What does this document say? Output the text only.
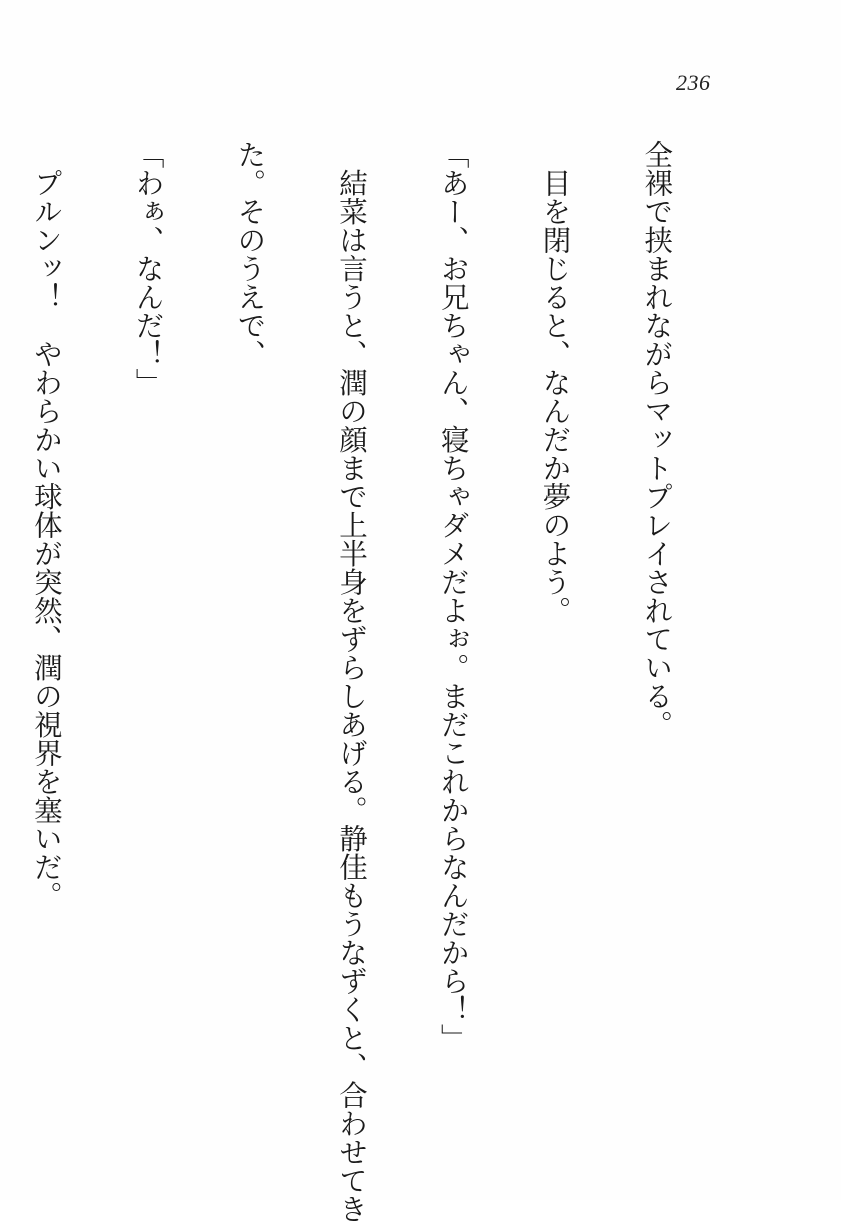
236

全裸で挟まれながらマットプレイされている。

　目を閉じると、なんだか夢のよう。

「あー、お兄ちゃん、寝ちゃダメだよぉ。まだこれからなんだから！」

　結菜は言うと、潤の顔まで上半身をずらしあげる。静佳もうなずくと、合わせてき

た。そのうえで、

「わぁ、なんだ！」

　プルンッ！　やわらかい球体が突然、潤の視界を塞いだ。
